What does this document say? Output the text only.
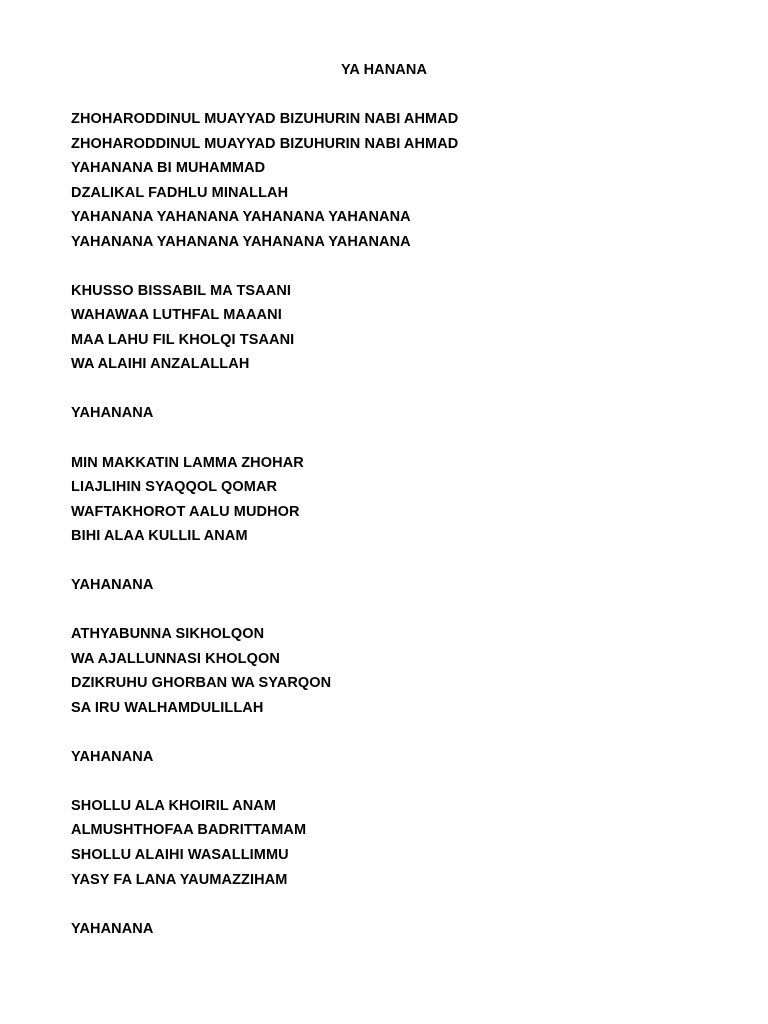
YA HANANA
ZHOHARODDINUL MUAYYAD BIZUHURIN NABI AHMAD
ZHOHARODDINUL MUAYYAD BIZUHURIN NABI AHMAD
YAHANANA BI MUHAMMAD
DZALIKAL FADHLU MINALLAH
YAHANANA YAHANANA YAHANANA YAHANANA
YAHANANA YAHANANA YAHANANA YAHANANA
KHUSSO BISSABIL MA TSAANI
WAHAWAA LUTHFAL MAAANI
MAA LAHU FIL KHOLQI TSAANI
WA ALAIHI ANZALALLAH
YAHANANA
MIN MAKKATIN LAMMA ZHOHAR
LIAJLIHIN SYAQQOL QOMAR
WAFTAKHOROT AALU MUDHOR
BIHI ALAA KULLIL ANAM
YAHANANA
ATHYABUNNA SIKHOLQON
WA AJALLUNNASI KHOLQON
DZIKRUHU GHORBAN WA SYARQON
SA IRU WALHAMDULILLAH
YAHANANA
SHOLLU ALA KHOIRIL ANAM
ALMUSHTHOFAA BADRITTAMAM
SHOLLU ALAIHI WASALLIMMU
YASY FA LANA YAUMAZZIHAM
YAHANANA
